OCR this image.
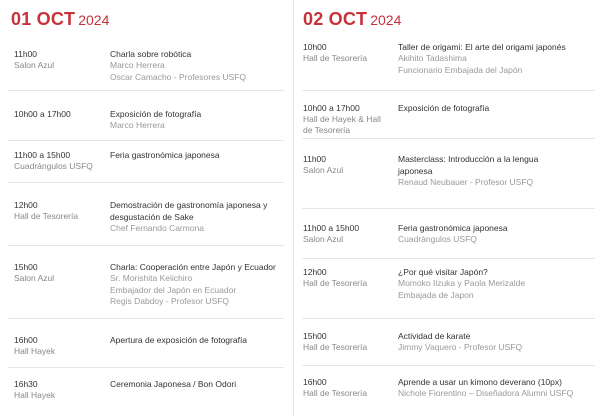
01 OCT 2024
11h00
Salon Azul
Charla sobre robótica
Marco Herrera
Oscar Camacho - Profesores USFQ
10h00 a 17h00	Exposición de fotografía
Marco Herrera
11h00 a 15h00
Cuadrángulos USFQ
Feria gastronómica japonesa
12h00
Hall de Tesorería
Demostración de gastronomía japonesa y
desgustación de Sake
Chef Fernando Carmona
15h00
Salon Azul
Charla: Cooperación entre Japón y Ecuador
Sr. Morishita Keiichiro
Embajador del Japón en Ecuador
Regis Dabdoy - Profesor USFQ
16h00
Hall Hayek
Apertura de exposición de fotografía
16h30
Hall Hayek
Ceremonia Japonesa / Bon Odori
02 OCT 2024
10h00
Hall de Tesorería
Taller de origami: El arte del origami japonés
Akihito Tadashima
Funcionario Embajada del Japón
10h00 a 17h00
Hall de Hayek & Hall
de Tesorería
Exposición de fotografía
11h00
Salon Azul
Masterclass: Introducción a la lengua
japonesa
Renaud Neubauer - Profesor USFQ
11h00 a 15h00
Salon Azul
Feria gastronómica japonesa
Cuadrángulos USFQ
12h00
Hall de Tesorería
¿Por qué visitar Japón?
Momoko Iizuka y Paola Merizalde
Embajada de Japon
15h00
Hall de Tesorería
Actividad de karate
Jimmy Vaquero - Profesor USFQ
16h00
Hall de Tesorería
Aprende a usar un kimono deverano (10px)
Nichole Fiorentino – Diseñadora Alumni USFQ
